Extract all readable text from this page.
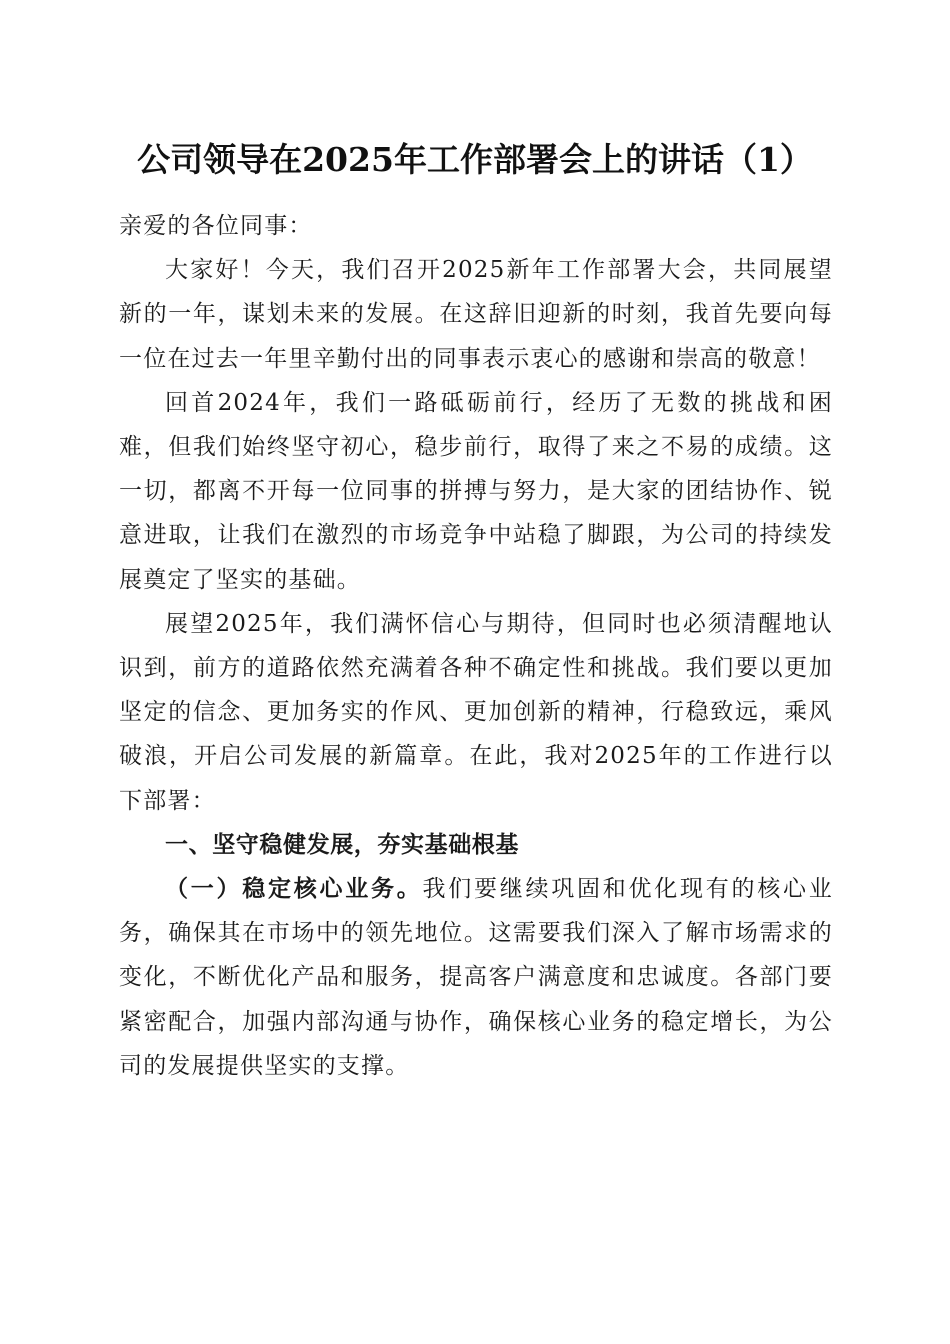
公司领导在2025年工作部署会上的讲话（1）

亲爱的各位同事：

大家好！今天，我们召开2025新年工作部署大会，共同展望新的一年，谋划未来的发展。在这辞旧迎新的时刻，我首先要向每一位在过去一年里辛勤付出的同事表示衷心的感谢和崇高的敬意！

回首2024年，我们一路砥砺前行，经历了无数的挑战和困难，但我们始终坚守初心，稳步前行，取得了来之不易的成绩。这一切，都离不开每一位同事的拼搏与努力，是大家的团结协作、锐意进取，让我们在激烈的市场竞争中站稳了脚跟，为公司的持续发展奠定了坚实的基础。

展望2025年，我们满怀信心与期待，但同时也必须清醒地认识到，前方的道路依然充满着各种不确定性和挑战。我们要以更加坚定的信念、更加务实的作风、更加创新的精神，行稳致远，乘风破浪，开启公司发展的新篇章。在此，我对2025年的工作进行以下部署：

一、坚守稳健发展，夯实基础根基

（一）稳定核心业务。我们要继续巩固和优化现有的核心业务，确保其在市场中的领先地位。这需要我们深入了解市场需求的变化，不断优化产品和服务，提高客户满意度和忠诚度。各部门要紧密配合，加强内部沟通与协作，确保核心业务的稳定增长，为公司的发展提供坚实的支撑。
